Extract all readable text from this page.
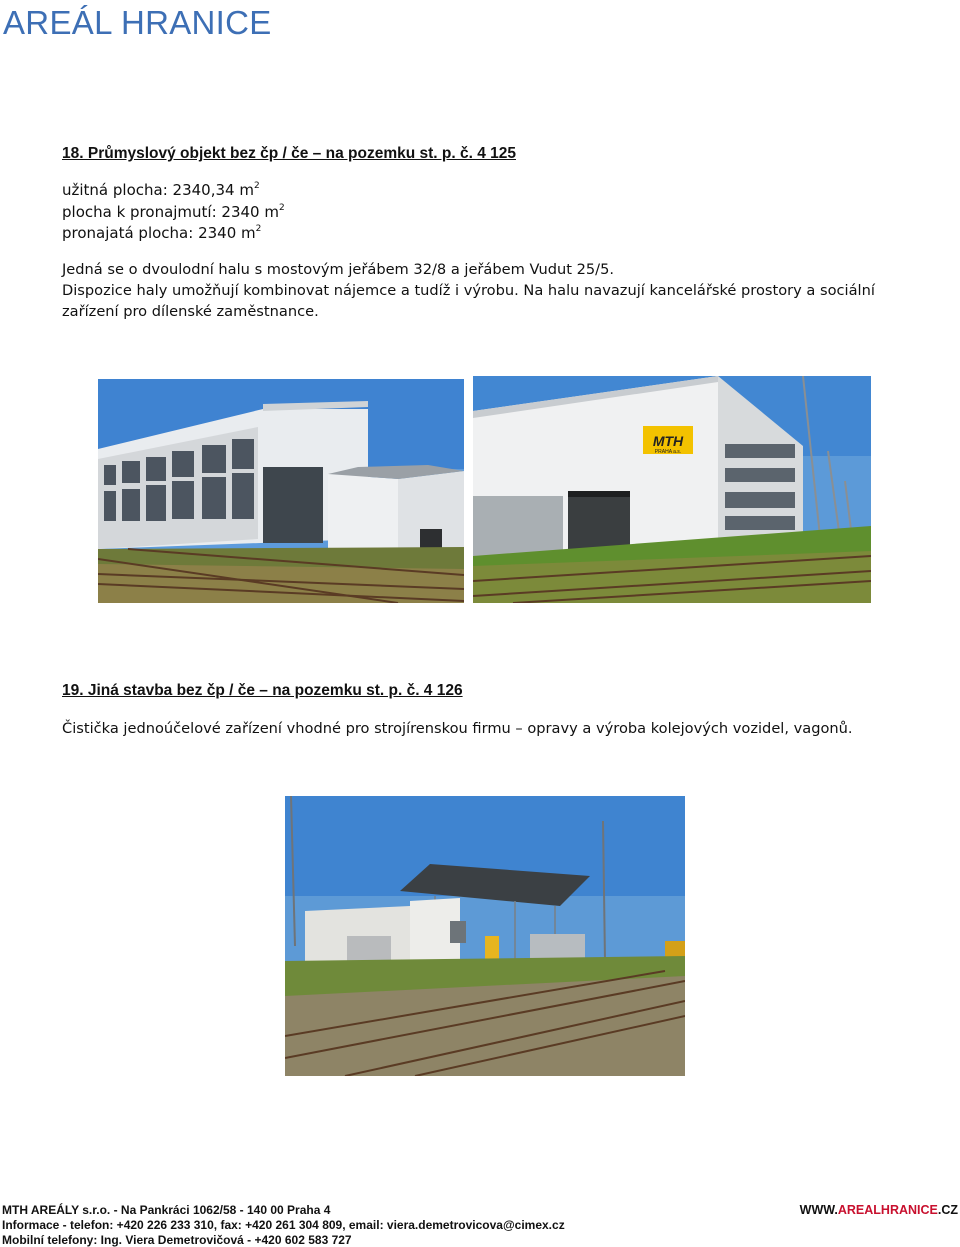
AREÁL HRANICE
18. Průmyslový objekt bez čp / če – na pozemku st. p. č. 4 125
užitná plocha: 2340,34 $m^2$
plocha k pronajmutí: 2340 $m^2$
pronajatá plocha: 2340 $m^2$
Jedná se o dvoulodní halu s mostovým jeřábem 32/8 a jeřábem Vudut 25/5.
Dispozice haly umožňují kombinovat nájemce a tudíž i výrobu. Na halu navazují kancelářské prostory a sociální zařízení pro dílenské zaměstnance.
MTH
PRAHA a.s.
19. Jiná stavba bez čp / če – na pozemku st. p. č. 4 126
Čistička jednoúčelové zařízení vhodné pro strojírenskou firmu – opravy a výroba kolejových vozidel, vagonů.
MTH AREÁLY s.r.o. - Na Pankráci 1062/58 - 140 00 Praha 4	WWW.AREALHRANICE.CZ
Informace - telefon: +420 226 233 310, fax: +420 261 304 809, email: viera.demetrovicova@cimex.cz
Mobilní telefony: Ing. Viera Demetrovičová - +420 602 583 727
